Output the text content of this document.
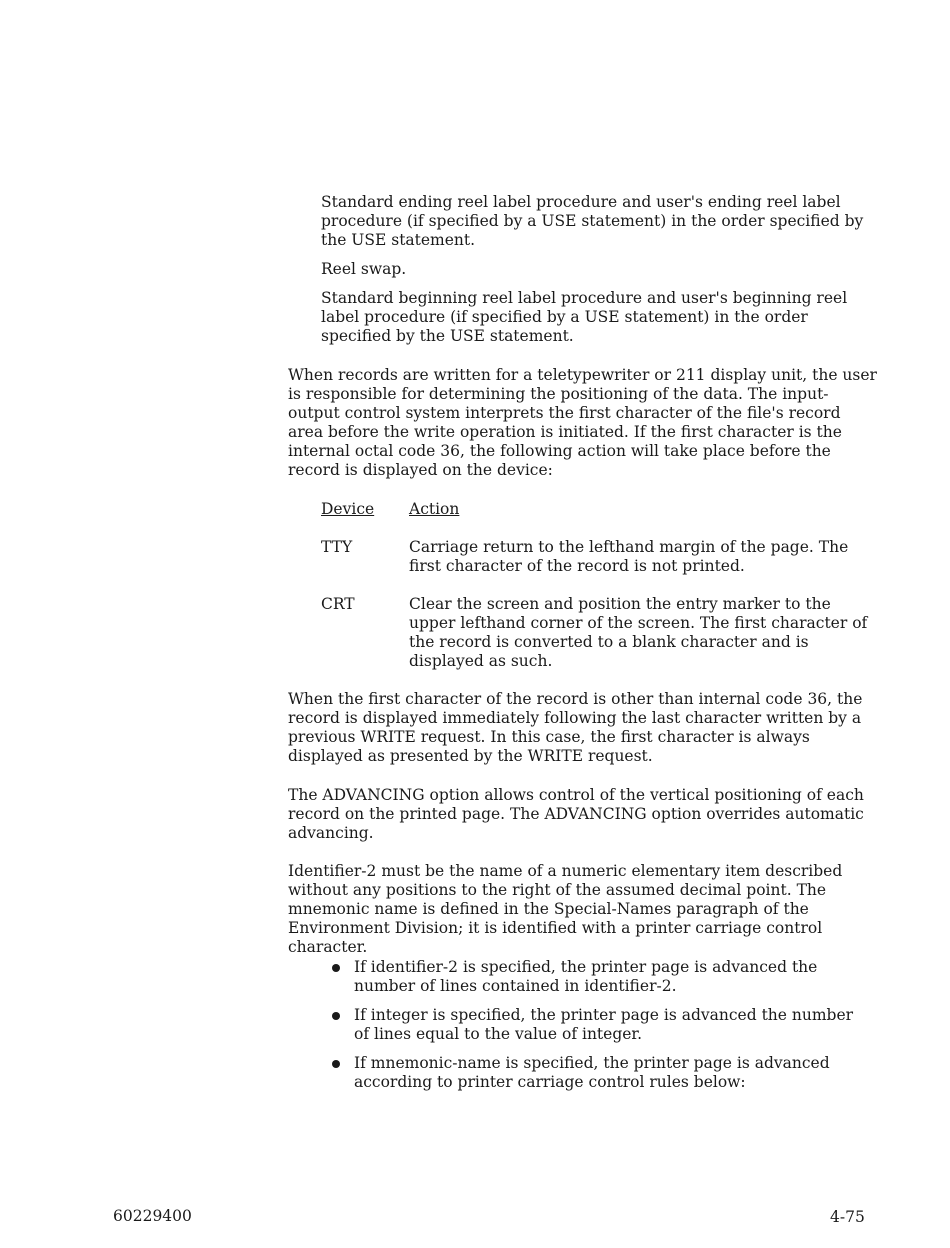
Standard ending reel label procedure and user's ending reel label procedure (if specified by a USE statement) in the order specified by the USE statement.

Reel swap.

Standard beginning reel label procedure and user's beginning reel label procedure (if specified by a USE statement) in the order specified by the USE statement.

When records are written for a teletypewriter or 211 display unit, the user is responsible for determining the positioning of the data. The input-output control system interprets the first character of the file's record area before the write operation is initiated. If the first character is the internal octal code 36, the following action will take place before the record is displayed on the device:

Device	Action
TTY	Carriage return to the lefthand margin of the page. The first character of the record is not printed.
CRT	Clear the screen and position the entry marker to the upper lefthand corner of the screen. The first character of the record is converted to a blank character and is displayed as such.

When the first character of the record is other than internal code 36, the record is displayed immediately following the last character written by a previous WRITE request. In this case, the first character is always displayed as presented by the WRITE request.

The ADVANCING option allows control of the vertical positioning of each record on the printed page. The ADVANCING option overrides automatic advancing.

Identifier-2 must be the name of a numeric elementary item described without any positions to the right of the assumed decimal point. The mnemonic name is defined in the Special-Names paragraph of the Environment Division; it is identified with a printer carriage control character.

If identifier-2 is specified, the printer page is advanced the number of lines contained in identifier-2.
If integer is specified, the printer page is advanced the number of lines equal to the value of integer.
If mnemonic-name is specified, the printer page is advanced according to printer carriage control rules below:
60229400	4-75
